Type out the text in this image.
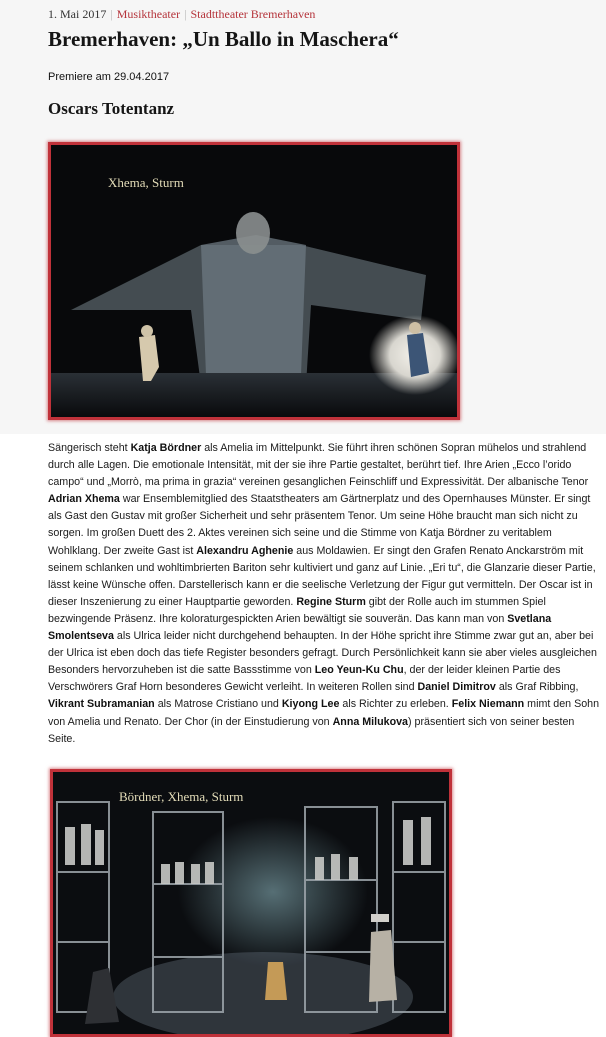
1. Mai 2017 | Musiktheater | Stadttheater Bremerhaven
Bremerhaven: „Un Ballo in Maschera“

Premiere am 29.04.2017

Oscars Totentanz
Xhema, Sturm

Sängerisch steht Katja Bördner als Amelia im Mittelpunkt. Sie führt ihren schönen Sopran mühelos und strahlend durch alle Lagen. Die emotionale Intensität, mit der sie ihre Partie gestaltet, berührt tief. Ihre Arien „Ecco l’orido campo“ und „Morrò, ma prima in grazia“ vereinen gesanglichen Feinschliff und Expressivität. Der albanische Tenor Adrian Xhema war Ensemblemitglied des Staatstheaters am Gärtnerplatz und des Opernhauses Münster. Er singt als Gast den Gustav mit großer Sicherheit und sehr präsentem Tenor. Um seine Höhe braucht man sich nicht zu sorgen. Im großen Duett des 2. Aktes vereinen sich seine und die Stimme von Katja Bördner zu veritablem Wohlklang. Der zweite Gast ist Alexandru Aghenie aus Moldawien. Er singt den Grafen Renato Anckarström mit seinem schlanken und wohltimbrierten Bariton sehr kultiviert und ganz auf Linie. „Eri tu“, die Glanzarie dieser Partie, lässt keine Wünsche offen. Darstellerisch kann er die seelische Verletzung der Figur gut vermitteln. Der Oscar ist in dieser Inszenierung zu einer Hauptpartie geworden. Regine Sturm gibt der Rolle auch im stummen Spiel bezwingende Präsenz. Ihre koloraturgespickten Arien bewältigt sie souverän. Das kann man von Svetlana Smolentseva als Ulrica leider nicht durchgehend behaupten. In der Höhe spricht ihre Stimme zwar gut an, aber bei der Ulrica ist eben doch das tiefe Register besonders gefragt. Durch Persönlichkeit kann sie aber vieles ausgleichen Besonders hervorzuheben ist die satte Bassstimme von Leo Yeun-Ku Chu, der der leider kleinen Partie des Verschwörers Graf Horn besonderes Gewicht verleiht. In weiteren Rollen sind Daniel Dimitrov als Graf Ribbing, Vikrant Subramanian als Matrose Cristiano und Kiyong Lee als Richter zu erleben. Felix Niemann mimt den Sohn von Amelia und Renato. Der Chor (in der Einstudierung von Anna Milukova) präsentiert sich von seiner besten Seite.

Bördner, Xhema, Sturm
